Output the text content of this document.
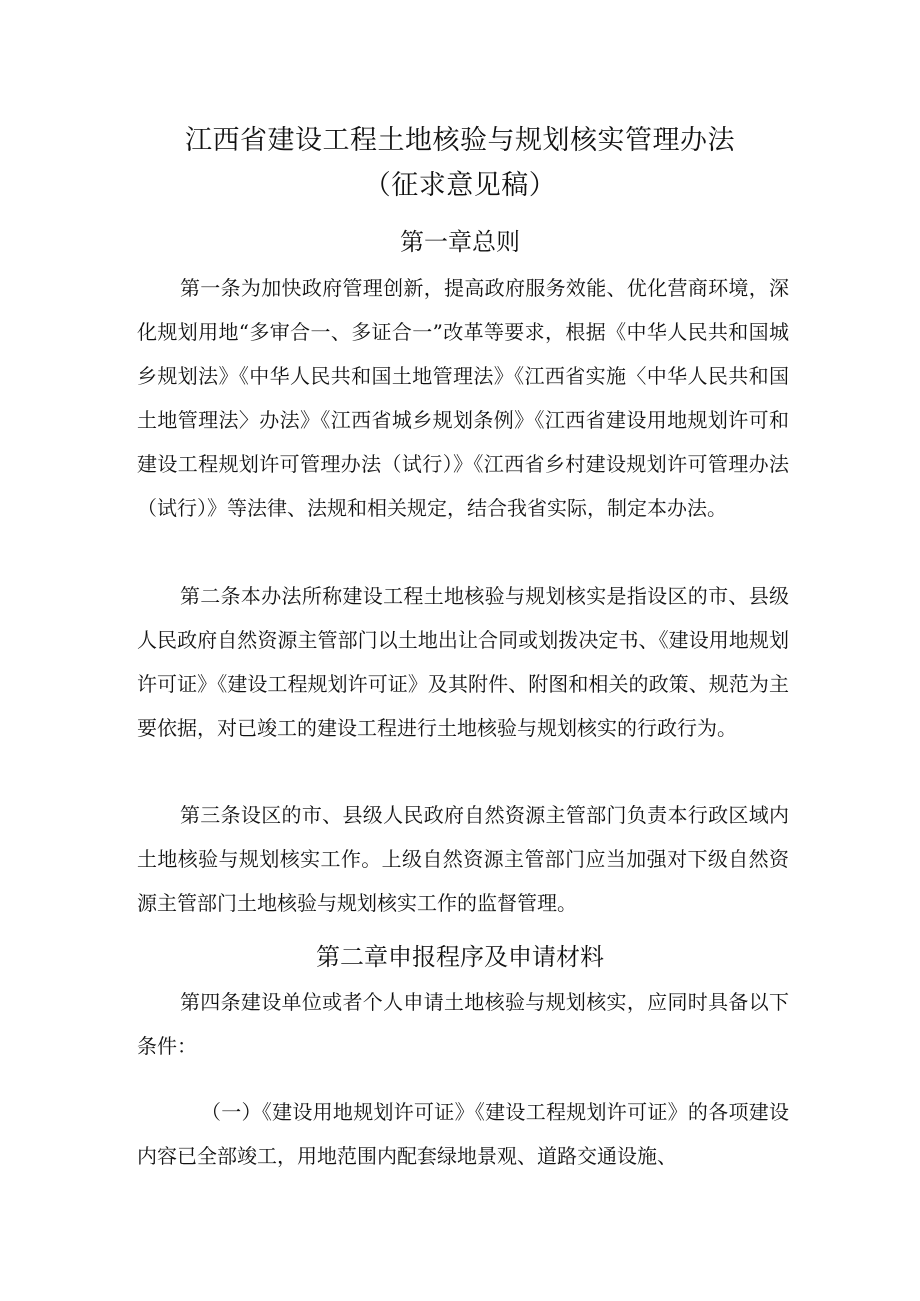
江西省建设工程土地核验与规划核实管理办法
（征求意见稿）
第一章总则

第一条为加快政府管理创新，提高政府服务效能、优化营商环境，深化规划用地“多审合一、多证合一”改革等要求，根据《中华人民共和国城乡规划法》《中华人民共和国土地管理法》《江西省实施〈中华人民共和国土地管理法〉办法》《江西省城乡规划条例》《江西省建设用地规划许可和建设工程规划许可管理办法（试行）》《江西省乡村建设规划许可管理办法（试行）》等法律、法规和相关规定，结合我省实际，制定本办法。

第二条本办法所称建设工程土地核验与规划核实是指设区的市、县级人民政府自然资源主管部门以土地出让合同或划拨决定书、《建设用地规划许可证》《建设工程规划许可证》及其附件、附图和相关的政策、规范为主要依据，对已竣工的建设工程进行土地核验与规划核实的行政行为。

第三条设区的市、县级人民政府自然资源主管部门负责本行政区域内土地核验与规划核实工作。上级自然资源主管部门应当加强对下级自然资源主管部门土地核验与规划核实工作的监督管理。

第二章申报程序及申请材料

第四条建设单位或者个人申请土地核验与规划核实，应同时具备以下条件：

（一）《建设用地规划许可证》《建设工程规划许可证》的各项建设内容已全部竣工，用地范围内配套绿地景观、道路交通设施、
